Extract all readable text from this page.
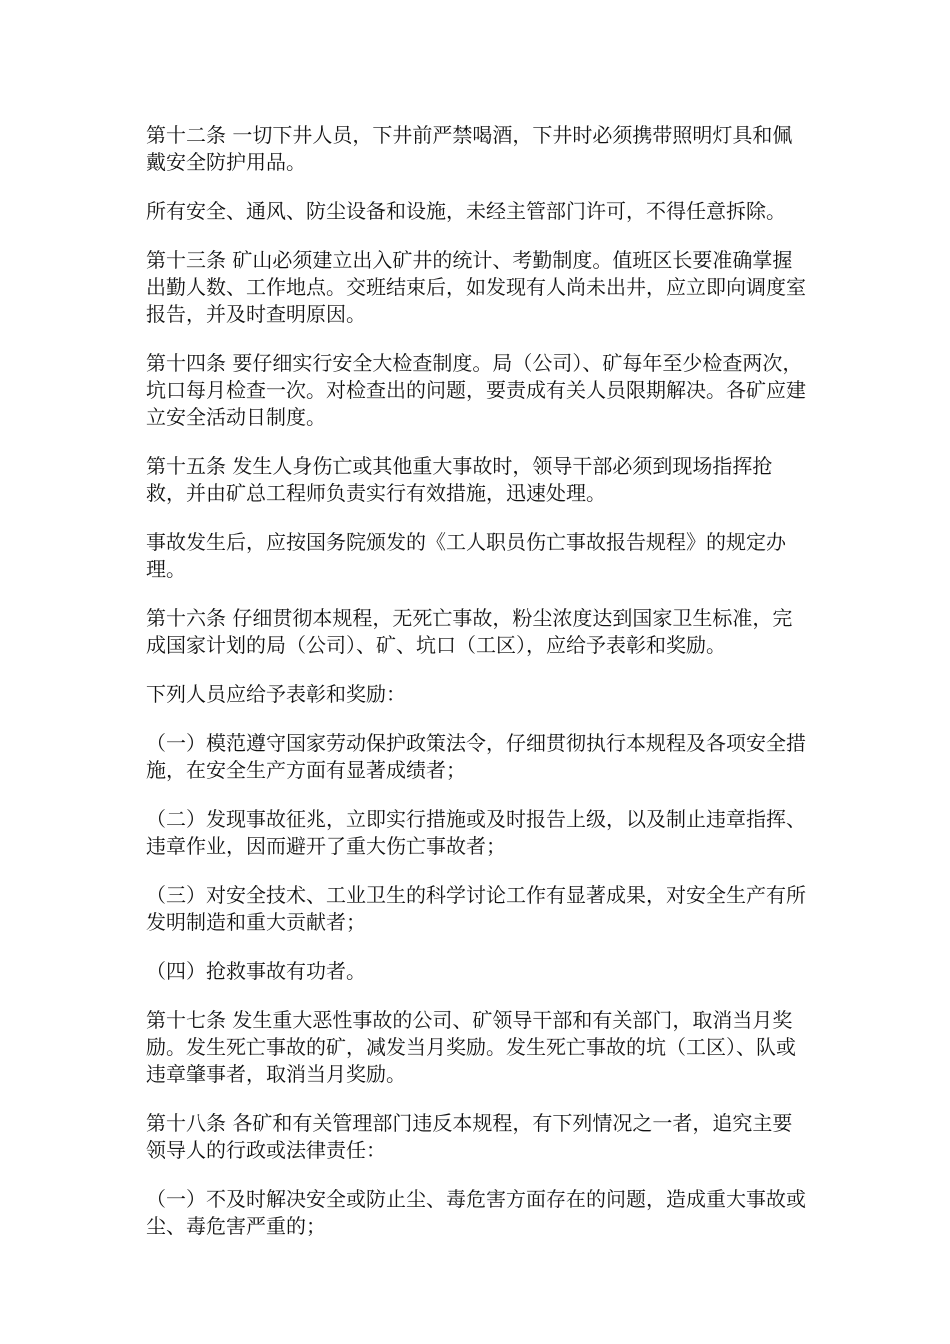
第十二条 一切下井人员，下井前严禁喝酒，下井时必须携带照明灯具和佩戴安全防护用品。

所有安全、通风、防尘设备和设施，未经主管部门许可，不得任意拆除。

第十三条 矿山必须建立出入矿井的统计、考勤制度。值班区长要准确掌握出勤人数、工作地点。交班结束后，如发现有人尚未出井，应立即向调度室报告，并及时查明原因。

第十四条 要仔细实行安全大检查制度。局（公司）、矿每年至少检查两次，坑口每月检查一次。对检查出的问题，要责成有关人员限期解决。各矿应建立安全活动日制度。

第十五条 发生人身伤亡或其他重大事故时，领导干部必须到现场指挥抢救，并由矿总工程师负责实行有效措施，迅速处理。

事故发生后，应按国务院颁发的《工人职员伤亡事故报告规程》的规定办理。

第十六条 仔细贯彻本规程，无死亡事故，粉尘浓度达到国家卫生标准，完成国家计划的局（公司）、矿、坑口（工区），应给予表彰和奖励。

下列人员应给予表彰和奖励：

（一）模范遵守国家劳动保护政策法令，仔细贯彻执行本规程及各项安全措施，在安全生产方面有显著成绩者；

（二）发现事故征兆，立即实行措施或及时报告上级，以及制止违章指挥、违章作业，因而避开了重大伤亡事故者；

（三）对安全技术、工业卫生的科学讨论工作有显著成果，对安全生产有所发明制造和重大贡献者；

（四）抢救事故有功者。

第十七条 发生重大恶性事故的公司、矿领导干部和有关部门，取消当月奖励。发生死亡事故的矿，减发当月奖励。发生死亡事故的坑（工区）、队或违章肇事者，取消当月奖励。

第十八条 各矿和有关管理部门违反本规程，有下列情况之一者，追究主要领导人的行政或法律责任：

（一）不及时解决安全或防止尘、毒危害方面存在的问题，造成重大事故或尘、毒危害严重的；
